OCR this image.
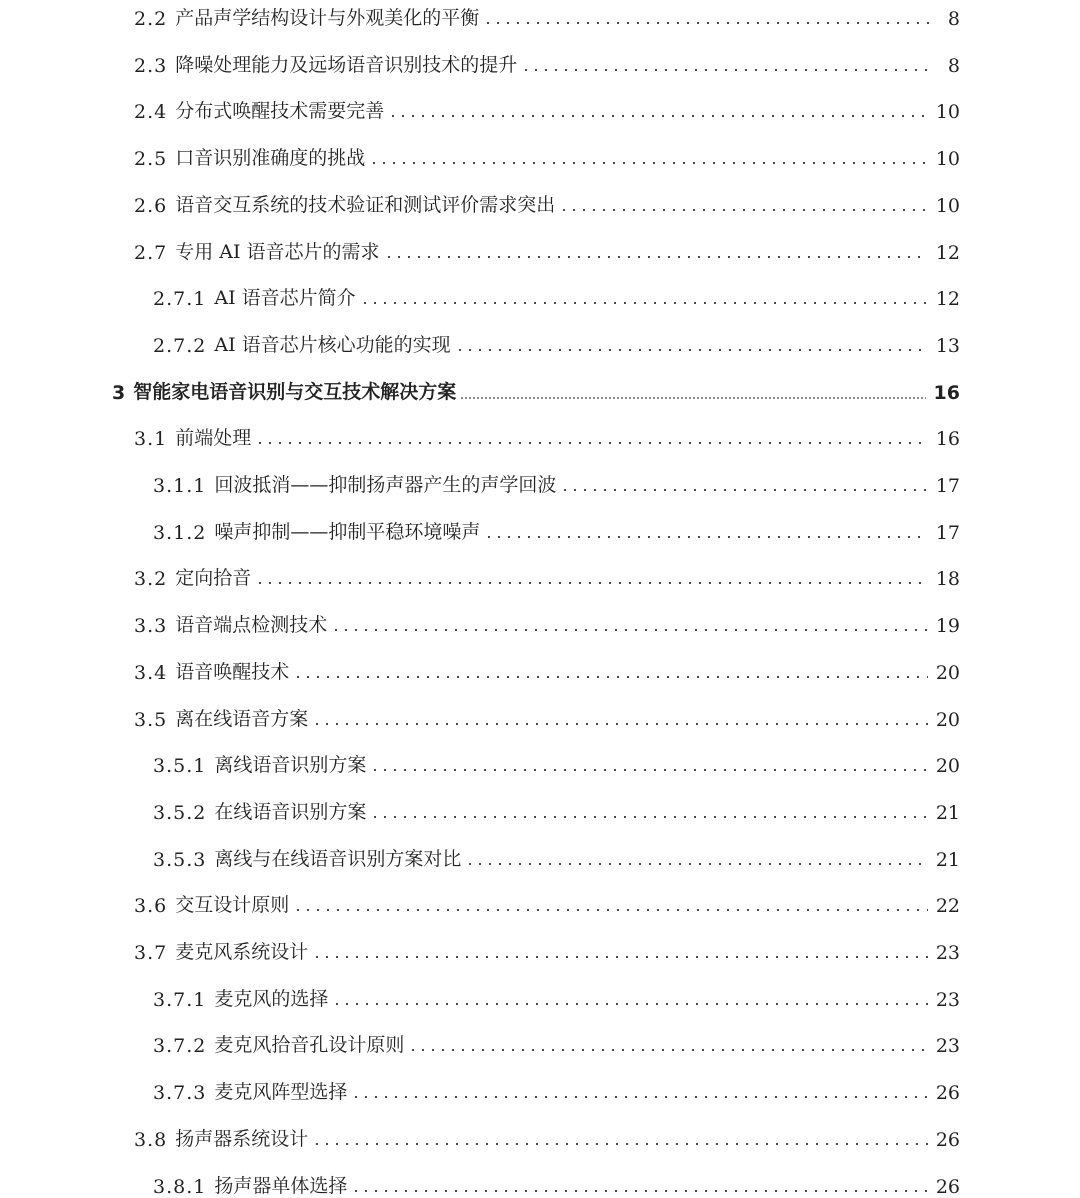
2.2 产品声学结构设计与外观美化的平衡	8
2.3 降噪处理能力及远场语音识别技术的提升	8
2.4 分布式唤醒技术需要完善	10
2.5 口音识别准确度的挑战	10
2.6 语音交互系统的技术验证和测试评价需求突出	10
2.7 专用 AI 语音芯片的需求	12
2.7.1 AI 语音芯片简介	12
2.7.2 AI 语音芯片核心功能的实现	13
3 智能家电语音识别与交互技术解决方案	16
3.1 前端处理	16
3.1.1 回波抵消——抑制扬声器产生的声学回波	17
3.1.2 噪声抑制——抑制平稳环境噪声	17
3.2 定向拾音	18
3.3 语音端点检测技术	19
3.4 语音唤醒技术	20
3.5 离在线语音方案	20
3.5.1 离线语音识别方案	20
3.5.2 在线语音识别方案	21
3.5.3 离线与在线语音识别方案对比	21
3.6 交互设计原则	22
3.7 麦克风系统设计	23
3.7.1 麦克风的选择	23
3.7.2 麦克风拾音孔设计原则	23
3.7.3 麦克风阵型选择	26
3.8 扬声器系统设计	26
3.8.1 扬声器单体选择	26
